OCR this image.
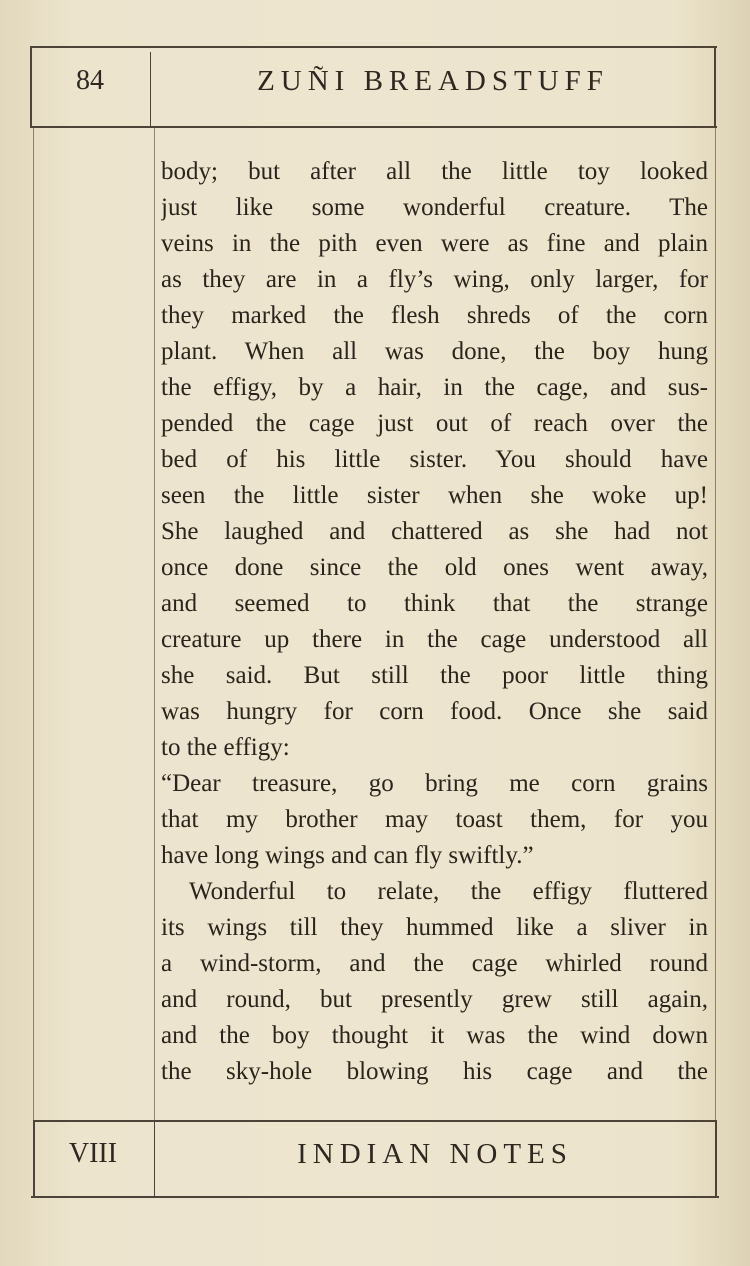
84	ZUÑI BREADSTUFF
body; but after all the little toy looked
just like some wonderful creature. The
veins in the pith even were as fine and plain
as they are in a fly’s wing, only larger, for
they marked the flesh shreds of the corn
plant. When all was done, the boy hung
the effigy, by a hair, in the cage, and sus-
pended the cage just out of reach over the
bed of his little sister. You should have
seen the little sister when she woke up!
She laughed and chattered as she had not
once done since the old ones went away,
and seemed to think that the strange
creature up there in the cage understood all
she said. But still the poor little thing
was hungry for corn food. Once she said
to the effigy:
“Dear treasure, go bring me corn grains
that my brother may toast them, for you
have long wings and can fly swiftly.”
Wonderful to relate, the effigy fluttered
its wings till they hummed like a sliver in
a wind-storm, and the cage whirled round
and round, but presently grew still again,
and the boy thought it was the wind down
the sky-hole blowing his cage and the
VIII	INDIAN NOTES
